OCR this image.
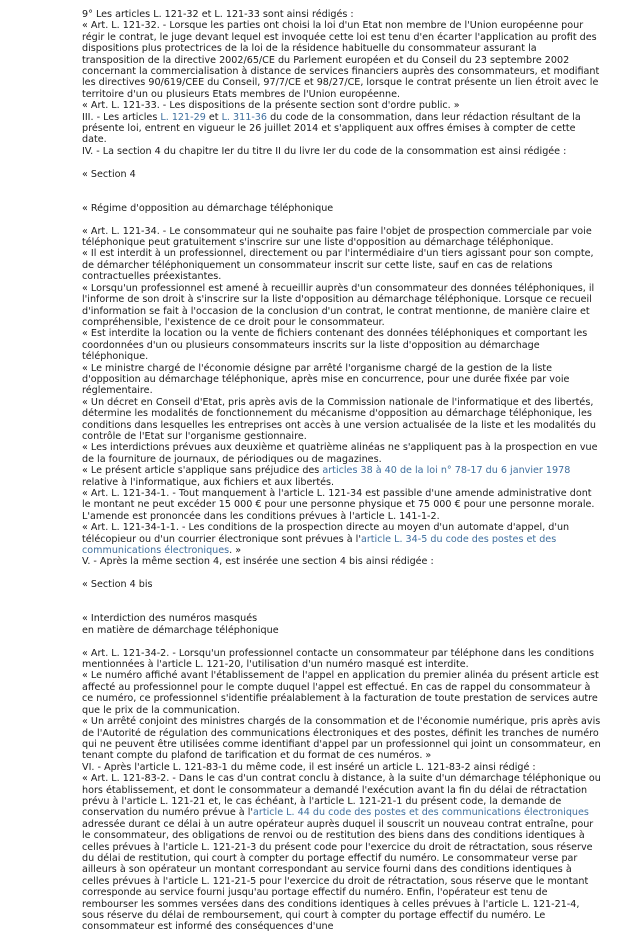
9° Les articles L. 121-32 et L. 121-33 sont ainsi rédigés :

« Art. L. 121-32. - Lorsque les parties ont choisi la loi d'un Etat non membre de l'Union européenne pour régir le contrat, le juge devant lequel est invoquée cette loi est tenu d'en écarter l'application au profit des dispositions plus protectrices de la loi de la résidence habituelle du consommateur assurant la transposition de la directive 2002/65/CE du Parlement européen et du Conseil du 23 septembre 2002 concernant la commercialisation à distance de services financiers auprès des consommateurs, et modifiant les directives 90/619/CEE du Conseil, 97/7/CE et 98/27/CE, lorsque le contrat présente un lien étroit avec le territoire d'un ou plusieurs Etats membres de l'Union européenne.

« Art. L. 121-33. - Les dispositions de la présente section sont d'ordre public. »

III. - Les articles L. 121-29 et L. 311-36 du code de la consommation, dans leur rédaction résultant de la présente loi, entrent en vigueur le 26 juillet 2014 et s'appliquent aux offres émises à compter de cette date.

IV. - La section 4 du chapitre Ier du titre II du livre Ier du code de la consommation est ainsi rédigée :

« Section 4

« Régime d'opposition au démarchage téléphonique

« Art. L. 121-34. - Le consommateur qui ne souhaite pas faire l'objet de prospection commerciale par voie téléphonique peut gratuitement s'inscrire sur une liste d'opposition au démarchage téléphonique.

« Il est interdit à un professionnel, directement ou par l'intermédiaire d'un tiers agissant pour son compte, de démarcher téléphoniquement un consommateur inscrit sur cette liste, sauf en cas de relations contractuelles préexistantes.

« Lorsqu'un professionnel est amené à recueillir auprès d'un consommateur des données téléphoniques, il l'informe de son droit à s'inscrire sur la liste d'opposition au démarchage téléphonique. Lorsque ce recueil d'information se fait à l'occasion de la conclusion d'un contrat, le contrat mentionne, de manière claire et compréhensible, l'existence de ce droit pour le consommateur.

« Est interdite la location ou la vente de fichiers contenant des données téléphoniques et comportant les coordonnées d'un ou plusieurs consommateurs inscrits sur la liste d'opposition au démarchage téléphonique.

« Le ministre chargé de l'économie désigne par arrêté l'organisme chargé de la gestion de la liste d'opposition au démarchage téléphonique, après mise en concurrence, pour une durée fixée par voie réglementaire.

« Un décret en Conseil d'Etat, pris après avis de la Commission nationale de l'informatique et des libertés, détermine les modalités de fonctionnement du mécanisme d'opposition au démarchage téléphonique, les conditions dans lesquelles les entreprises ont accès à une version actualisée de la liste et les modalités du contrôle de l'Etat sur l'organisme gestionnaire.

« Les interdictions prévues aux deuxième et quatrième alinéas ne s'appliquent pas à la prospection en vue de la fourniture de journaux, de périodiques ou de magazines.

« Le présent article s'applique sans préjudice des articles 38 à 40 de la loi n° 78-17 du 6 janvier 1978 relative à l'informatique, aux fichiers et aux libertés.

« Art. L. 121-34-1. - Tout manquement à l'article L. 121-34 est passible d'une amende administrative dont le montant ne peut excéder 15 000 € pour une personne physique et 75 000 € pour une personne morale. L'amende est prononcée dans les conditions prévues à l'article L. 141-1-2.

« Art. L. 121-34-1-1. - Les conditions de la prospection directe au moyen d'un automate d'appel, d'un télécopieur ou d'un courrier électronique sont prévues à l'article L. 34-5 du code des postes et des communications électroniques. »

V. - Après la même section 4, est insérée une section 4 bis ainsi rédigée :

« Section 4 bis

« Interdiction des numéros masqués

en matière de démarchage téléphonique

« Art. L. 121-34-2. - Lorsqu'un professionnel contacte un consommateur par téléphone dans les conditions mentionnées à l'article L. 121-20, l'utilisation d'un numéro masqué est interdite.

« Le numéro affiché avant l'établissement de l'appel en application du premier alinéa du présent article est affecté au professionnel pour le compte duquel l'appel est effectué. En cas de rappel du consommateur à ce numéro, ce professionnel s'identifie préalablement à la facturation de toute prestation de services autre que le prix de la communication.

« Un arrêté conjoint des ministres chargés de la consommation et de l'économie numérique, pris après avis de l'Autorité de régulation des communications électroniques et des postes, définit les tranches de numéro qui ne peuvent être utilisées comme identifiant d'appel par un professionnel qui joint un consommateur, en tenant compte du plafond de tarification et du format de ces numéros. »

VI. - Après l'article L. 121-83-1 du même code, il est inséré un article L. 121-83-2 ainsi rédigé :

« Art. L. 121-83-2. - Dans le cas d'un contrat conclu à distance, à la suite d'un démarchage téléphonique ou hors établissement, et dont le consommateur a demandé l'exécution avant la fin du délai de rétractation prévu à l'article L. 121-21 et, le cas échéant, à l'article L. 121-21-1 du présent code, la demande de conservation du numéro prévue à l'article L. 44 du code des postes et des communications électroniques adressée durant ce délai à un autre opérateur auprès duquel il souscrit un nouveau contrat entraîne, pour le consommateur, des obligations de renvoi ou de restitution des biens dans des conditions identiques à celles prévues à l'article L. 121-21-3 du présent code pour l'exercice du droit de rétractation, sous réserve du délai de restitution, qui court à compter du portage effectif du numéro. Le consommateur verse par ailleurs à son opérateur un montant correspondant au service fourni dans des conditions identiques à celles prévues à l'article L. 121-21-5 pour l'exercice du droit de rétractation, sous réserve que le montant corresponde au service fourni jusqu'au portage effectif du numéro. Enfin, l'opérateur est tenu de rembourser les sommes versées dans des conditions identiques à celles prévues à l'article L. 121-21-4, sous réserve du délai de remboursement, qui court à compter du portage effectif du numéro. Le consommateur est informé des conséquences d'une
